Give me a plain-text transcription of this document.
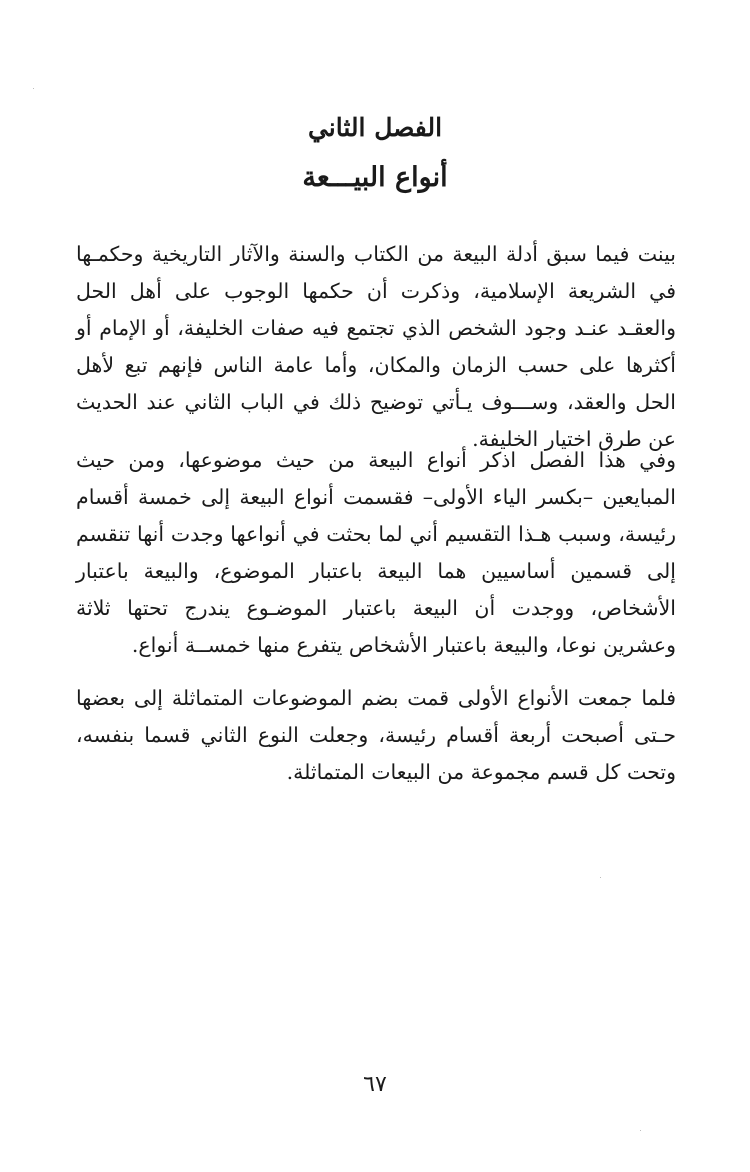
الفصل الثاني
أنواع البيـــعة

بينت فيما سبق أدلة البيعة من الكتاب والسنة والآثار التاريخية وحكمـها في الشريعة الإسلامية، وذكرت أن حكمها الوجوب على أهل الحل والعقـد عنـد وجود الشخص الذي تجتمع فيه صفات الخليفة، أو الإمام أو أكثرها على حسب الزمان والمكان، وأما عامة الناس فإنهم تبع لأهل الحل والعقد، وســـوف يـأتي توضيح ذلك في الباب الثاني عند الحديث عن طرق اختيار الخليفة.

وفي هذا الفصل اذكر أنواع البيعة من حيث موضوعها، ومن حيث المبايعين –بكسر الياء الأولى– فقسمت أنواع البيعة إلى خمسة أقسام رئيسة، وسبب هـذا التقسيم أني لما بحثت في أنواعها وجدت أنها تنقسم إلى قسمين أساسيين هما البيعة باعتبار الموضوع، والبيعة باعتبار الأشخاص، ووجدت أن البيعة باعتبار الموضـوع يندرج تحتها ثلاثة وعشرين نوعا، والبيعة باعتبار الأشخاص يتفرع منها خمســة أنواع.

فلما جمعت الأنواع الأولى قمت بضم الموضوعات المتماثلة إلى بعضها حـتى أصبحت أربعة أقسام رئيسة، وجعلت النوع الثاني قسما بنفسه، وتحت كل قسم مجموعة من البيعات المتماثلة.

٦٧
